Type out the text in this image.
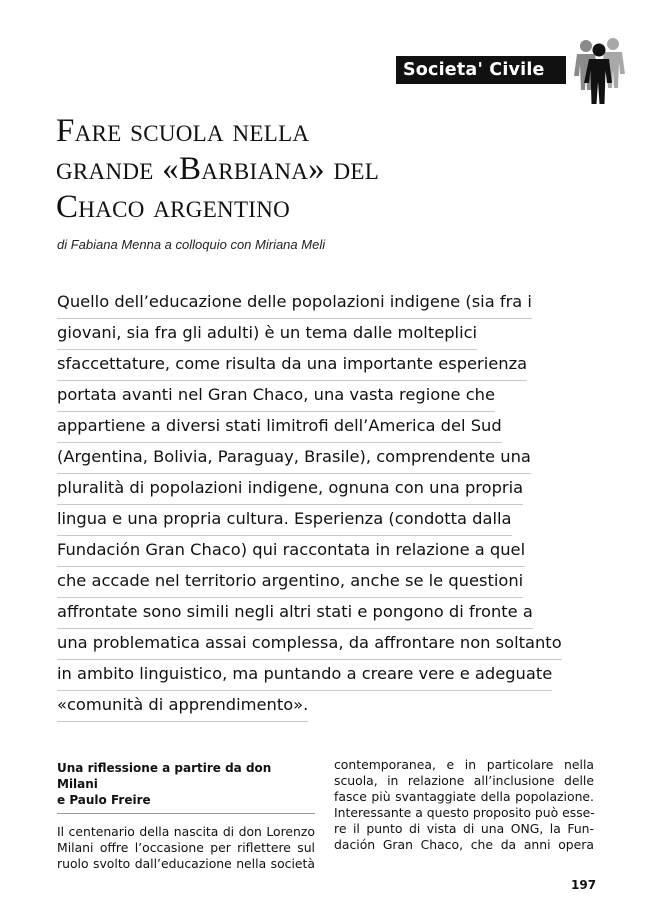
Societa' Civile
Fare scuola nella
grande «Barbiana» del
Chaco argentino

di Fabiana Menna a colloquio con Miriana Meli

Quello dell’educazione delle popolazioni indigene (sia fra i
giovani, sia fra gli adulti) è un tema dalle molteplici
sfaccettature, come risulta da una importante esperienza
portata avanti nel Gran Chaco, una vasta regione che
appartiene a diversi stati limitrofi dell’America del Sud
(Argentina, Bolivia, Paraguay, Brasile), comprendente una
pluralità di popolazioni indigene, ognuna con una propria
lingua e una propria cultura. Esperienza (condotta dalla
Fundación Gran Chaco) qui raccontata in relazione a quel
che accade nel territorio argentino, anche se le questioni
affrontate sono simili negli altri stati e pongono di fronte a
una problematica assai complessa, da affrontare non soltanto
in ambito linguistico, ma puntando a creare vere e adeguate
«comunità di apprendimento».
Una riflessione a partire da don Milani
e Paulo Freire
Il centenario della nascita di don Lorenzo
Milani offre l’occasione per riflettere sul
ruolo svolto dall’educazione nella società
contemporanea, e in particolare nella
scuola, in relazione all’inclusione delle
fasce più svantaggiate della popolazione.
Interessante a questo proposito può esse-
re il punto di vista di una ONG, la Fun-
dación Gran Chaco, che da anni opera

197
